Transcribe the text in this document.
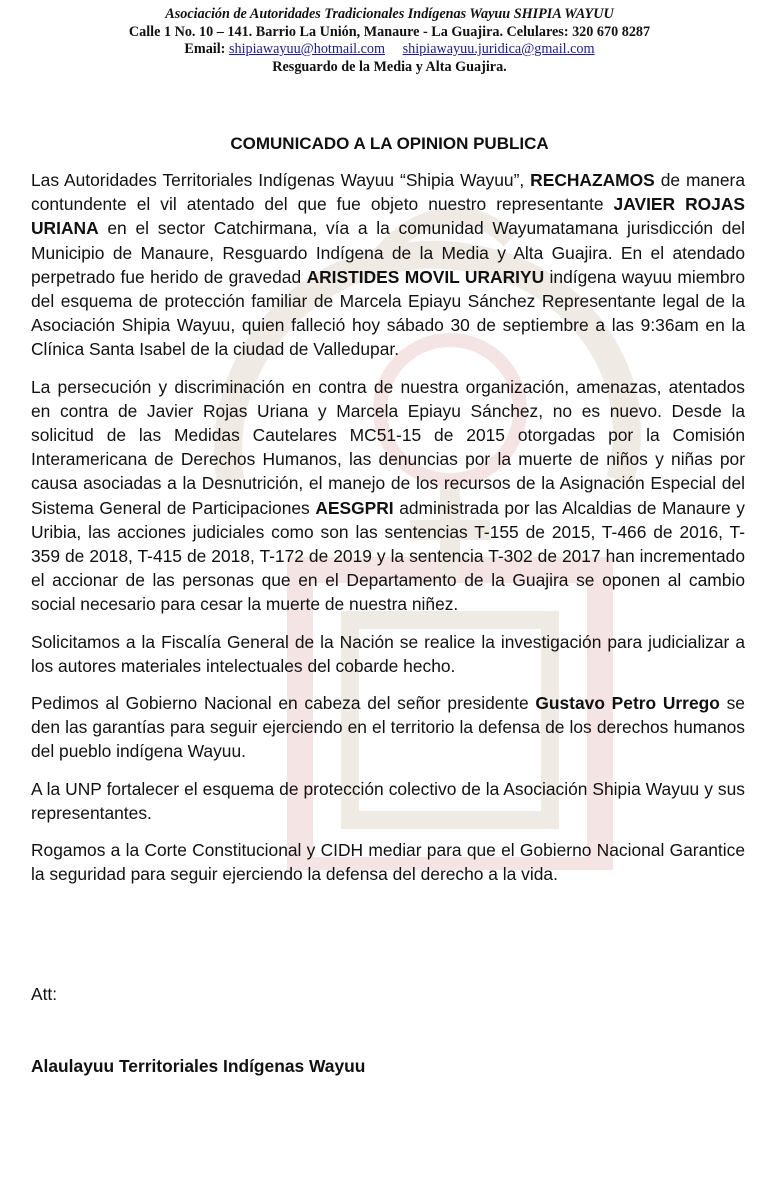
Asociación de Autoridades Tradicionales Indígenas Wayuu SHIPIA WAYUU
Calle 1 No. 10 – 141. Barrio La Unión, Manaure - La Guajira. Celulares: 320 670 8287
Email: shipiawayuu@hotmail.com shipiawayuu.juridica@gmail.com
Resguardo de la Media y Alta Guajira.
COMUNICADO A LA OPINION PUBLICA

Las Autoridades Territoriales Indígenas Wayuu “Shipia Wayuu”, RECHAZAMOS de manera contundente el vil atentado del que fue objeto nuestro representante JAVIER ROJAS URIANA en el sector Catchirmana, vía a la comunidad Wayumatamana jurisdicción del Municipio de Manaure, Resguardo Indígena de la Media y Alta Guajira. En el atendado perpetrado fue herido de gravedad ARISTIDES MOVIL URARIYU indígena wayuu miembro del esquema de protección familiar de Marcela Epiayu Sánchez Representante legal de la Asociación Shipia Wayuu, quien falleció hoy sábado 30 de septiembre a las 9:36am en la Clínica Santa Isabel de la ciudad de Valledupar.

La persecución y discriminación en contra de nuestra organización, amenazas, atentados en contra de Javier Rojas Uriana y Marcela Epiayu Sánchez, no es nuevo. Desde la solicitud de las Medidas Cautelares MC51-15 de 2015 otorgadas por la Comisión Interamericana de Derechos Humanos, las denuncias por la muerte de niños y niñas por causa asociadas a la Desnutrición, el manejo de los recursos de la Asignación Especial del Sistema General de Participaciones AESGPRI administrada por las Alcaldias de Manaure y Uribia, las acciones judiciales como son las sentencias T-155 de 2015, T-466 de 2016, T-359 de 2018, T-415 de 2018, T-172 de 2019 y la sentencia T-302 de 2017 han incrementado el accionar de las personas que en el Departamento de la Guajira se oponen al cambio social necesario para cesar la muerte de nuestra niñez.

Solicitamos a la Fiscalía General de la Nación se realice la investigación para judicializar a los autores materiales intelectuales del cobarde hecho.

Pedimos al Gobierno Nacional en cabeza del señor presidente Gustavo Petro Urrego se den las garantías para seguir ejerciendo en el territorio la defensa de los derechos humanos del pueblo indígena Wayuu.

A la UNP fortalecer el esquema de protección colectivo de la Asociación Shipia Wayuu y sus representantes.

Rogamos a la Corte Constitucional y CIDH mediar para que el Gobierno Nacional Garantice la seguridad para seguir ejerciendo la defensa del derecho a la vida.

Att:
Alaulayuu Territoriales Indígenas Wayuu
